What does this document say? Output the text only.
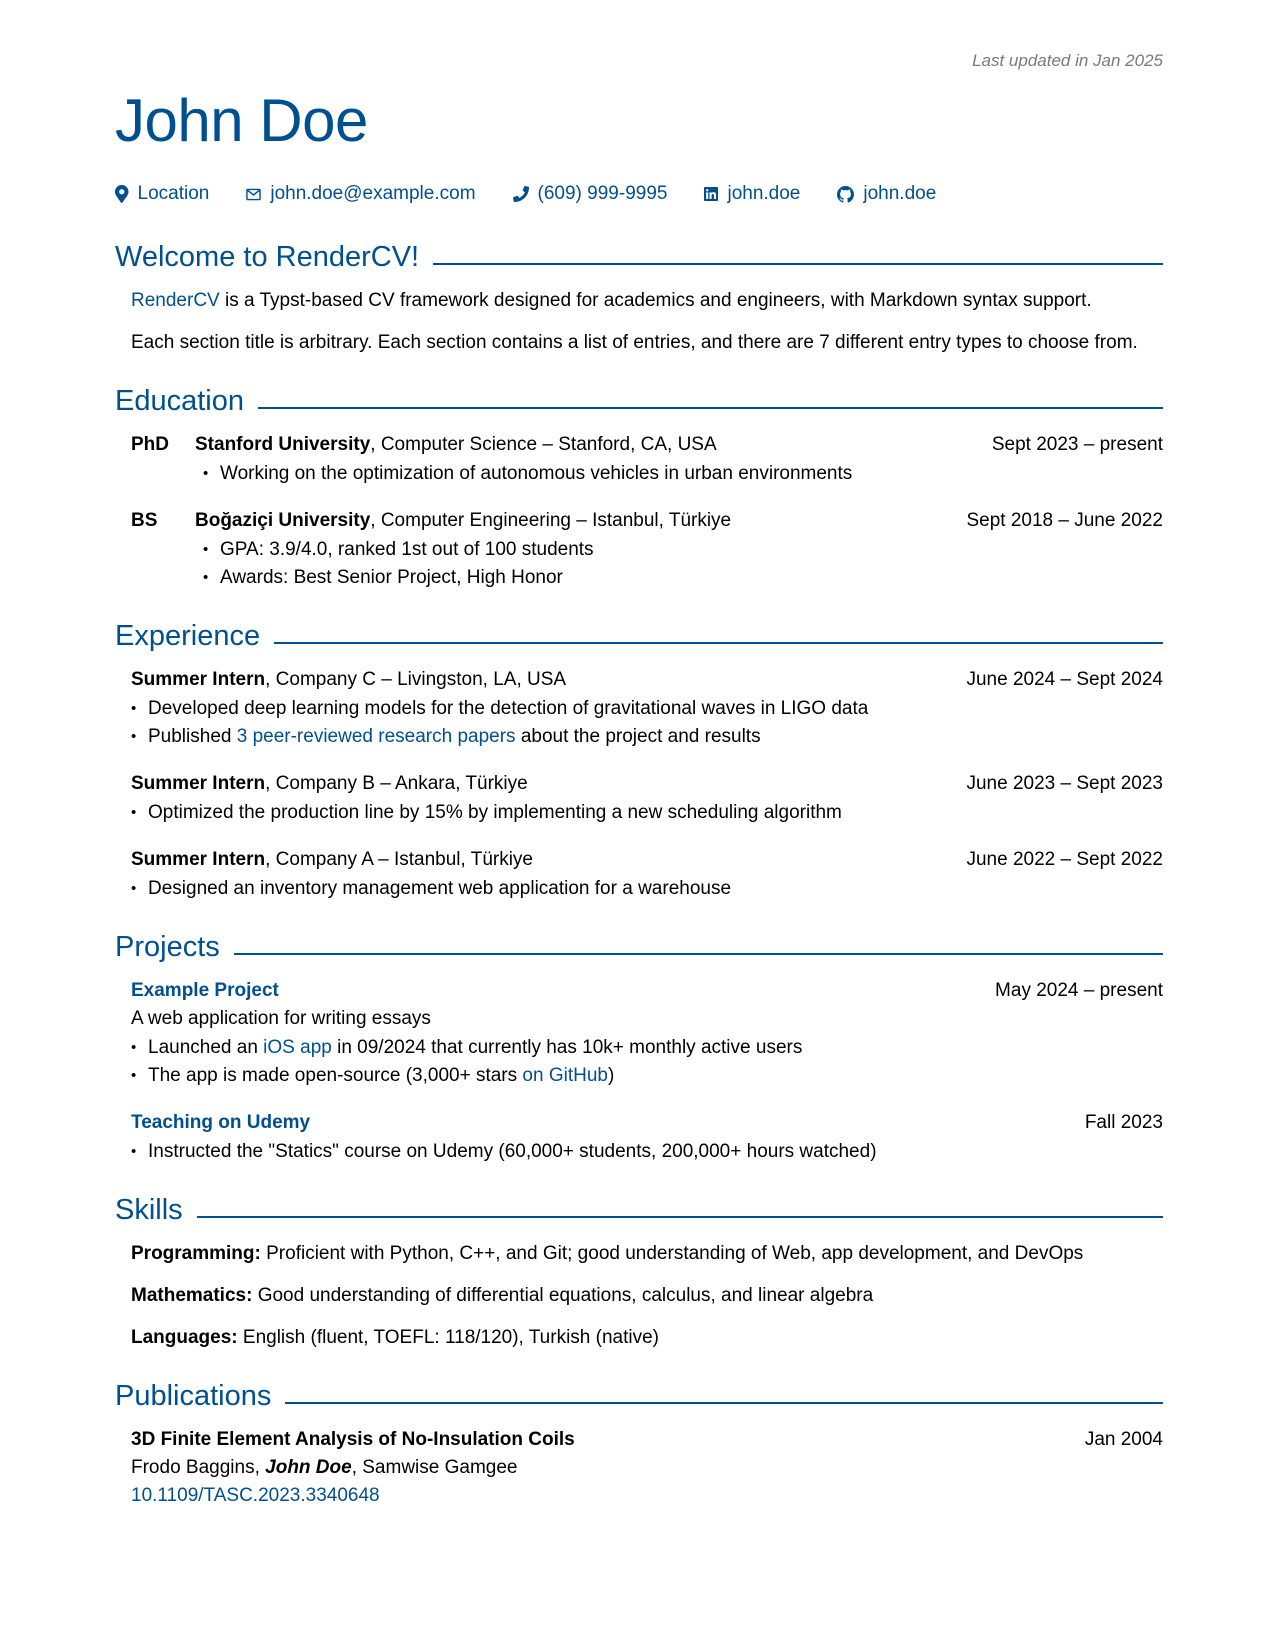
Last updated in Jan 2025
John Doe
Location	john.doe@example.com	(609) 999-9995	john.doe	john.doe
Welcome to RenderCV!

RenderCV is a Typst-based CV framework designed for academics and engineers, with Markdown syntax support.

Each section title is arbitrary. Each section contains a list of entries, and there are 7 different entry types to choose from.

Education
PhD	Stanford University, Computer Science – Stanford, CA, USA	Sept 2023 – present
• Working on the optimization of autonomous vehicles in urban environments
BS	Boğaziçi University, Computer Engineering – Istanbul, Türkiye	Sept 2018 – June 2022
• GPA: 3.9/4.0, ranked 1st out of 100 students
• Awards: Best Senior Project, High Honor
Experience
Summer Intern, Company C – Livingston, LA, USA	June 2024 – Sept 2024
• Developed deep learning models for the detection of gravitational waves in LIGO data
• Published 3 peer-reviewed research papers about the project and results
Summer Intern, Company B – Ankara, Türkiye	June 2023 – Sept 2023
• Optimized the production line by 15% by implementing a new scheduling algorithm
Summer Intern, Company A – Istanbul, Türkiye	June 2022 – Sept 2022
• Designed an inventory management web application for a warehouse
Projects
Example Project	May 2024 – present
A web application for writing essays
• Launched an iOS app in 09/2024 that currently has 10k+ monthly active users
• The app is made open-source (3,000+ stars on GitHub)
Teaching on Udemy	Fall 2023
• Instructed the "Statics" course on Udemy (60,000+ students, 200,000+ hours watched)
Skills
Programming: Proficient with Python, C++, and Git; good understanding of Web, app development, and DevOps
Mathematics: Good understanding of differential equations, calculus, and linear algebra
Languages: English (fluent, TOEFL: 118/120), Turkish (native)
Publications
3D Finite Element Analysis of No-Insulation Coils	Jan 2004
Frodo Baggins, John Doe, Samwise Gamgee
10.1109/TASC.2023.3340648
